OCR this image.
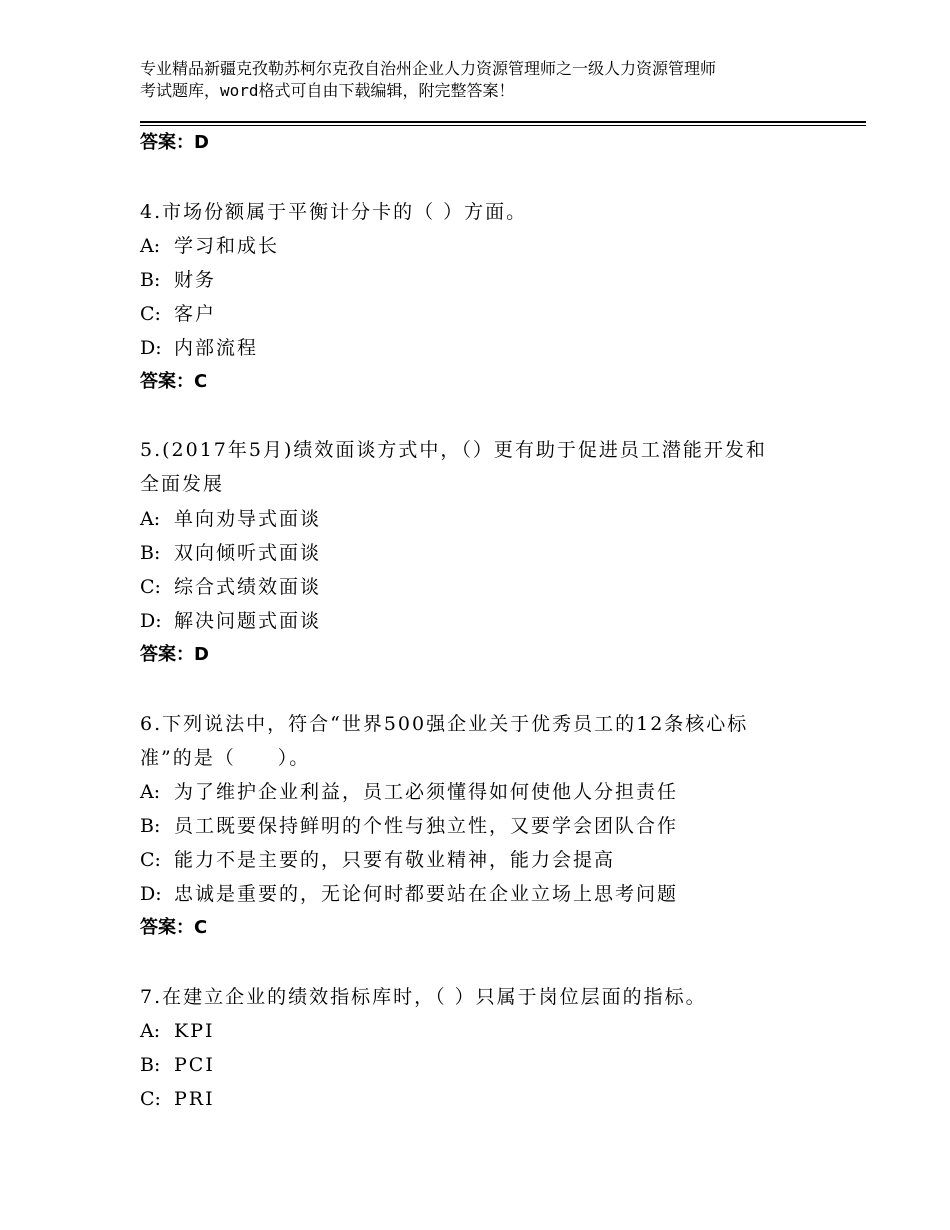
专业精品新疆克孜勒苏柯尔克孜自治州企业人力资源管理师之一级人力资源管理师
考试题库，word格式可自由下载编辑，附完整答案！
答案：D
4.市场份额属于平衡计分卡的（ ）方面。
A: 学习和成长
B: 财务
C: 客户
D: 内部流程
答案：C
5.(2017年5月)绩效面谈方式中，（）更有助于促进员工潜能开发和
全面发展
A: 单向劝导式面谈
B: 双向倾听式面谈
C: 综合式绩效面谈
D: 解决问题式面谈
答案：D
6.下列说法中，符合“世界500强企业关于优秀员工的12条核心标
准”的是（　　）。
A: 为了维护企业利益，员工必须懂得如何使他人分担责任
B: 员工既要保持鲜明的个性与独立性，又要学会团队合作
C: 能力不是主要的，只要有敬业精神，能力会提高
D: 忠诚是重要的，无论何时都要站在企业立场上思考问题
答案：C
7.在建立企业的绩效指标库时，（ ）只属于岗位层面的指标。
A: KPI
B: PCI
C: PRI
